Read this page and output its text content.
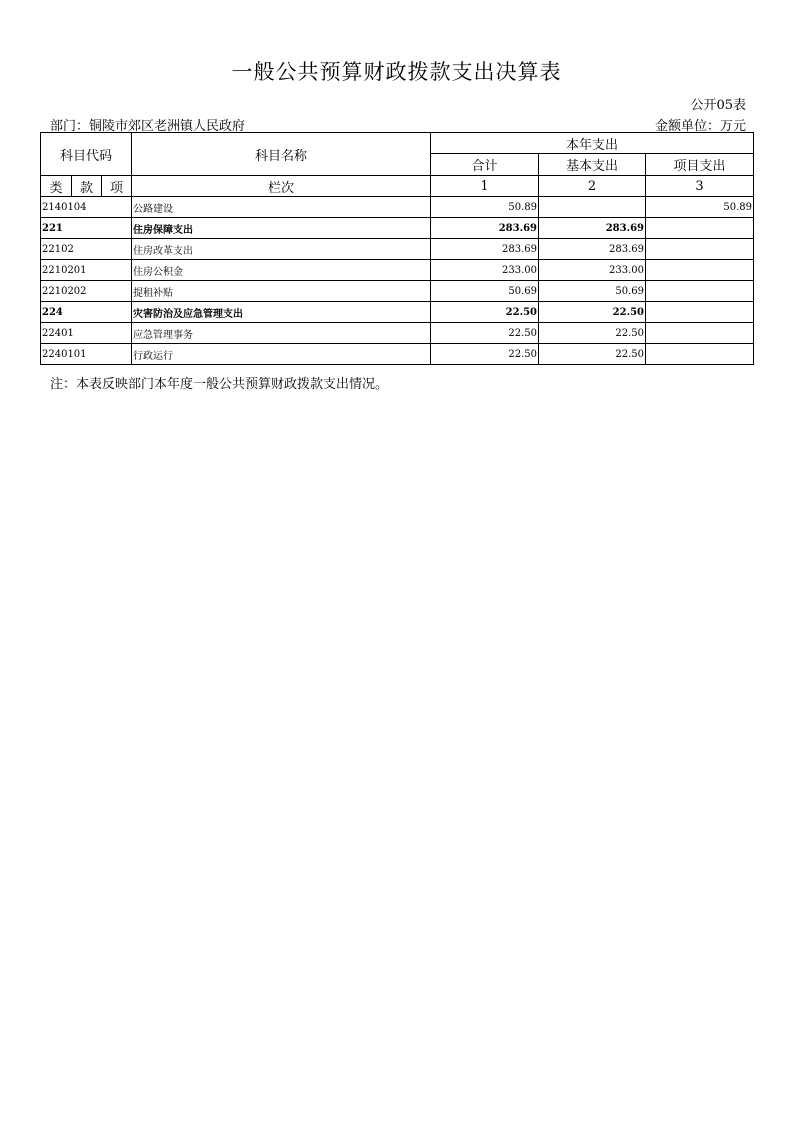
一般公共预算财政拨款支出决算表
公开05表
部门：铜陵市郊区老洲镇人民政府	金额单位：万元
科目代码			科目名称	本年支出		
				合计	基本支出	项目支出
类	款	项	栏次	1	2	3
2140104			公路建设	50.89		50.89
221			住房保障支出	283.69	283.69	
22102			住房改革支出	283.69	283.69	
2210201			住房公积金	233.00	233.00	
2210202			提租补贴	50.69	50.69	
224			灾害防治及应急管理支出	22.50	22.50	
22401			应急管理事务	22.50	22.50	
2240101			行政运行	22.50	22.50	
注：本表反映部门本年度一般公共预算财政拨款支出情况。
